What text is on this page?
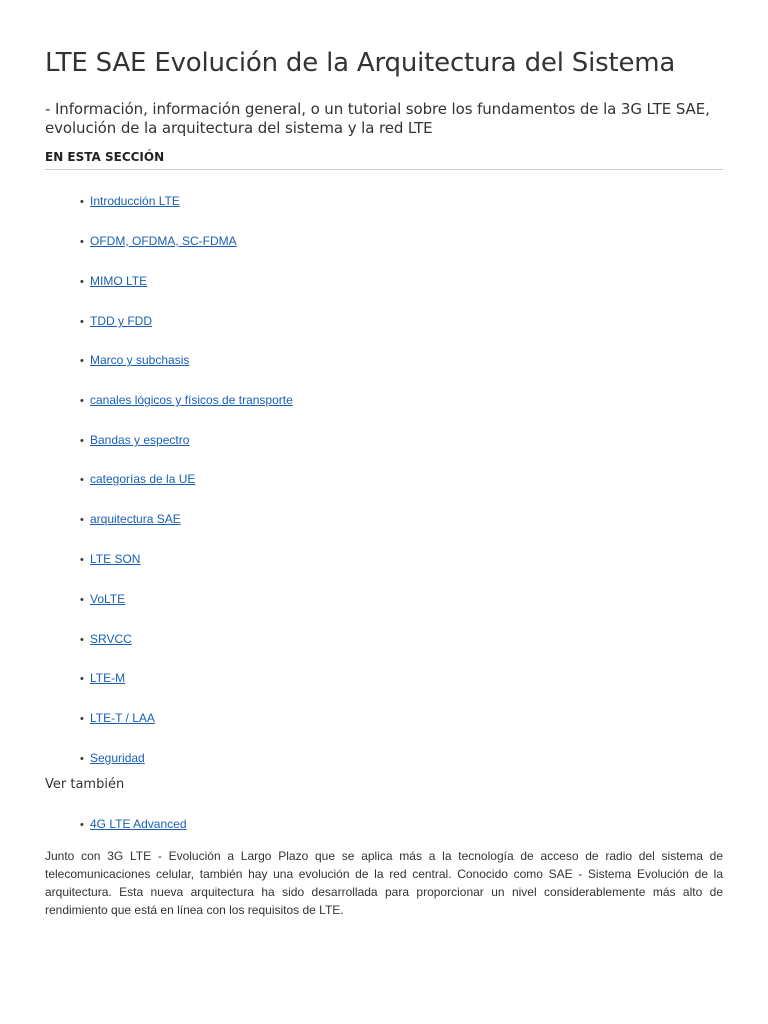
LTE SAE Evolución de la Arquitectura del Sistema

- Información, información general, o un tutorial sobre los fundamentos de la 3G LTE SAE, evolución de la arquitectura del sistema y la red LTE

EN ESTA SECCIÓN
• Introducción LTE
• OFDM, OFDMA, SC-FDMA
• MIMO LTE
• TDD y FDD
• Marco y subchasis
• canales lógicos y físicos de transporte
• Bandas y espectro
• categorías de la UE
• arquitectura SAE
• LTE SON
• VoLTE
• SRVCC
• LTE-M
• LTE-T / LAA
• Seguridad

Ver también

• 4G LTE Advanced

Junto con 3G LTE - Evolución a Largo Plazo que se aplica más a la tecnología de acceso de radio del sistema de telecomunicaciones celular, también hay una evolución de la red central. Conocido como SAE - Sistema Evolución de la arquitectura. Esta nueva arquitectura ha sido desarrollada para proporcionar un nivel considerablemente más alto de rendimiento que está en línea con los requisitos de LTE.
